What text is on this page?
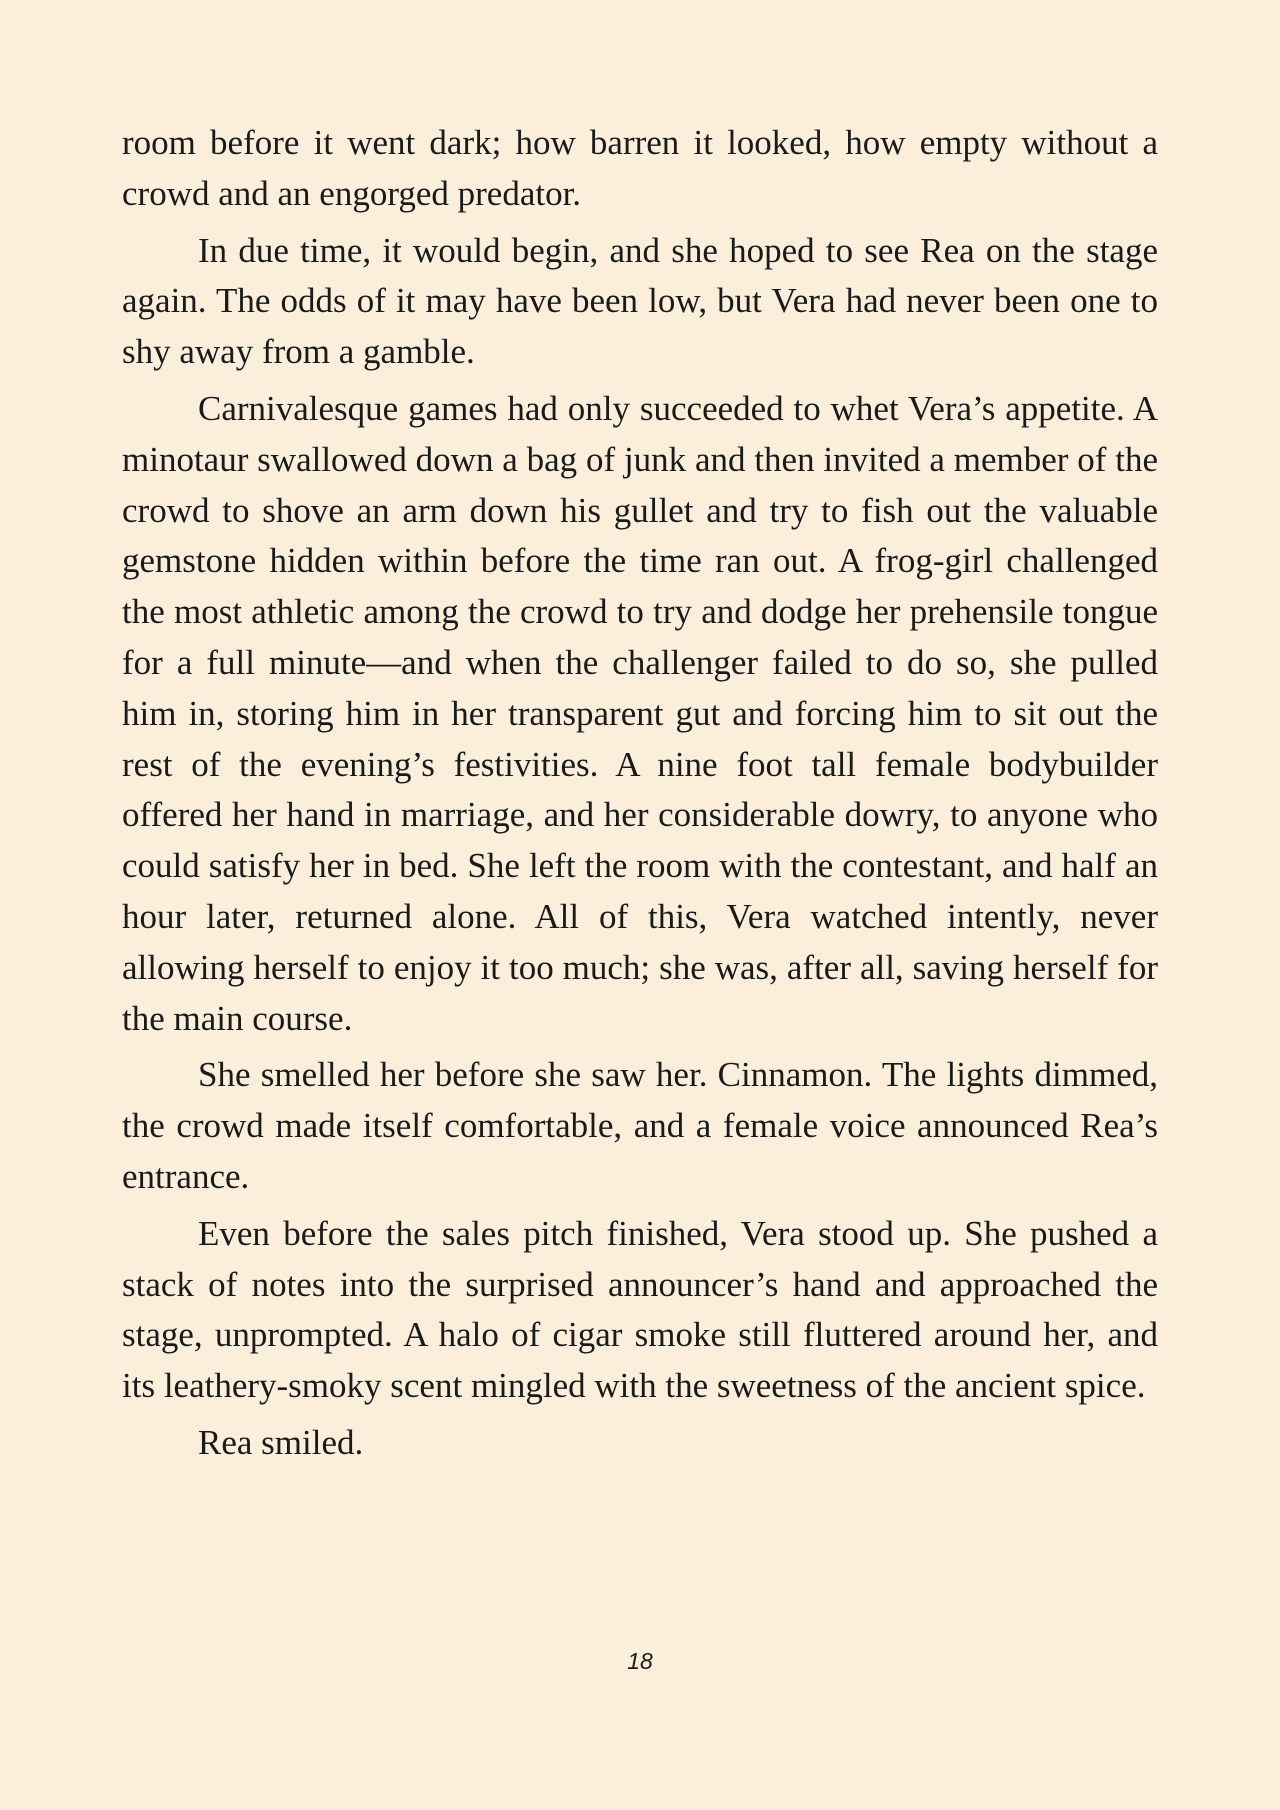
room before it went dark; how barren it looked, how empty without a crowd and an engorged predator.

In due time, it would begin, and she hoped to see Rea on the stage again. The odds of it may have been low, but Vera had never been one to shy away from a gamble.

Carnivalesque games had only succeeded to whet Vera’s appetite. A minotaur swallowed down a bag of junk and then invited a member of the crowd to shove an arm down his gullet and try to fish out the valuable gemstone hidden within before the time ran out. A frog-girl challenged the most athletic among the crowd to try and dodge her prehensile tongue for a full minute—and when the challenger failed to do so, she pulled him in, storing him in her transparent gut and forcing him to sit out the rest of the evening’s festivities. A nine foot tall female bodybuilder offered her hand in marriage, and her considerable dowry, to anyone who could satisfy her in bed. She left the room with the contestant, and half an hour later, returned alone. All of this, Vera watched intently, never allowing herself to enjoy it too much; she was, after all, saving herself for the main course.

She smelled her before she saw her. Cinnamon. The lights dimmed, the crowd made itself comfortable, and a female voice announced Rea’s entrance.

Even before the sales pitch finished, Vera stood up. She pushed a stack of notes into the surprised announcer’s hand and approached the stage, unprompted. A halo of cigar smoke still fluttered around her, and its leathery-smoky scent mingled with the sweetness of the ancient spice.

Rea smiled.

18
